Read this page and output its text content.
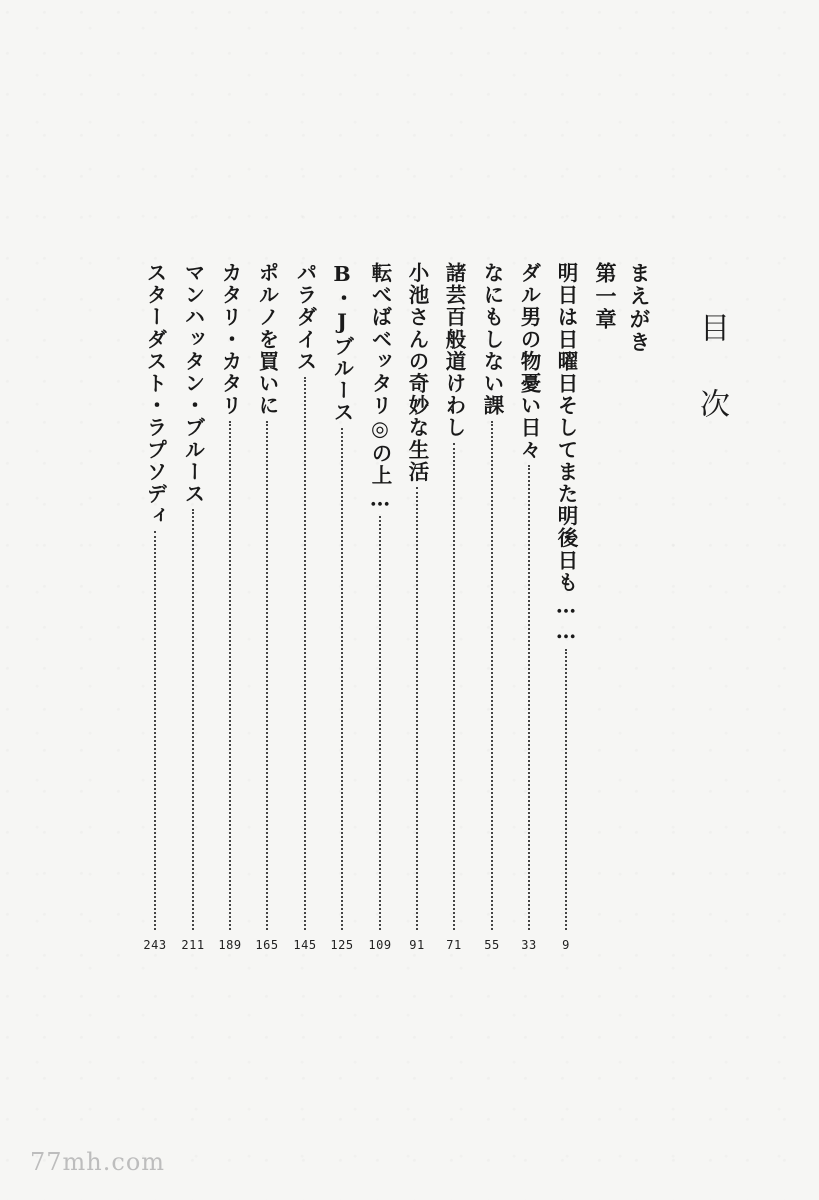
目次
まえがき
第一章
明日は日曜日そしてまた明後日も……
ダル男の物憂い日々
なにもしない課
諸芸百般道けわし
小池さんの奇妙な生活
転べばベッタリ◎の上…
B・Jブルース
パラダイス
ポルノを買いに
カタリ・カタリ
マンハッタン・ブルース
スターダスト・ラプソディ
9
33
55
71
91
109
125
145
165
189
211
243
77mh.com
